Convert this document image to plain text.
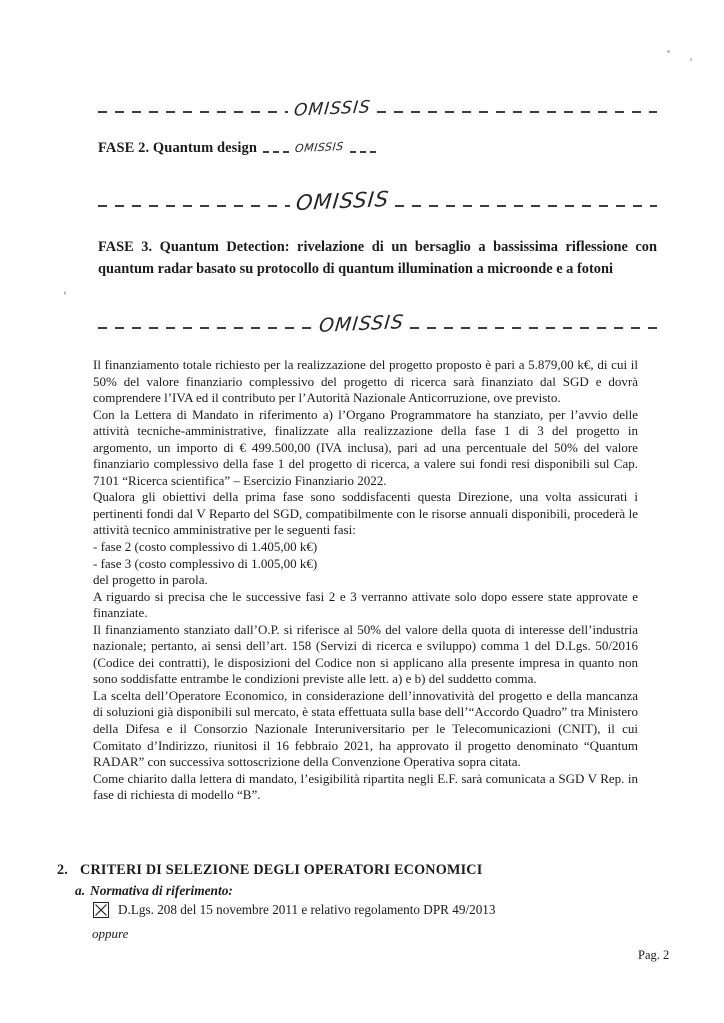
OMISSIS
FASE 2. Quantum design	OMISSIS
OMISSIS
FASE 3. Quantum Detection: rivelazione di un bersaglio a bassissima riflessione con quantum radar basato su protocollo di quantum illumination a microonde e a fotoni
OMISSIS

Il finanziamento totale richiesto per la realizzazione del progetto proposto è pari a 5.879,00 k€, di cui il 50% del valore finanziario complessivo del progetto di ricerca sarà finanziato dal SGD e dovrà comprendere l’IVA ed il contributo per l’Autorità Nazionale Anticorruzione, ove previsto.

Con la Lettera di Mandato in riferimento a) l’Organo Programmatore ha stanziato, per l’avvio delle attività tecniche-amministrative, finalizzate alla realizzazione della fase 1 di 3 del progetto in argomento, un importo di € 499.500,00 (IVA inclusa), pari ad una percentuale del 50% del valore finanziario complessivo della fase 1 del progetto di ricerca, a valere sui fondi resi disponibili sul Cap. 7101 “Ricerca scientifica” – Esercizio Finanziario 2022.

Qualora gli obiettivi della prima fase sono soddisfacenti questa Direzione, una volta assicurati i pertinenti fondi dal V Reparto del SGD, compatibilmente con le risorse annuali disponibili, procederà le attività tecnico amministrative per le seguenti fasi:

- fase 2 (costo complessivo di 1.405,00 k€)

- fase 3 (costo complessivo di 1.005,00 k€)

del progetto in parola.

A riguardo si precisa che le successive fasi 2 e 3 verranno attivate solo dopo essere state approvate e finanziate.

Il finanziamento stanziato dall’O.P. si riferisce al 50% del valore della quota di interesse dell’industria nazionale; pertanto, ai sensi dell’art. 158 (Servizi di ricerca e sviluppo) comma 1 del D.Lgs. 50/2016 (Codice dei contratti), le disposizioni del Codice non si applicano alla presente impresa in quanto non sono soddisfatte entrambe le condizioni previste alle lett. a) e b) del suddetto comma.

La scelta dell’Operatore Economico, in considerazione dell’innovatività del progetto e della mancanza di soluzioni già disponibili sul mercato, è stata effettuata sulla base dell’“Accordo Quadro” tra Ministero della Difesa e il Consorzio Nazionale Interuniversitario per le Telecomunicazioni (CNIT), il cui Comitato d’Indirizzo, riunitosi il 16 febbraio 2021, ha approvato il progetto denominato “Quantum RADAR” con successiva sottoscrizione della Convenzione Operativa sopra citata.

Come chiarito dalla lettera di mandato, l’esigibilità ripartita negli E.F. sarà comunicata a SGD V Rep. in fase di richiesta di modello “B”.

2. CRITERI DI SELEZIONE DEGLI OPERATORI ECONOMICI
a. Normativa di riferimento:
D.Lgs. 208 del 15 novembre 2011 e relativo regolamento DPR 49/2013
oppure
Pag. 2
